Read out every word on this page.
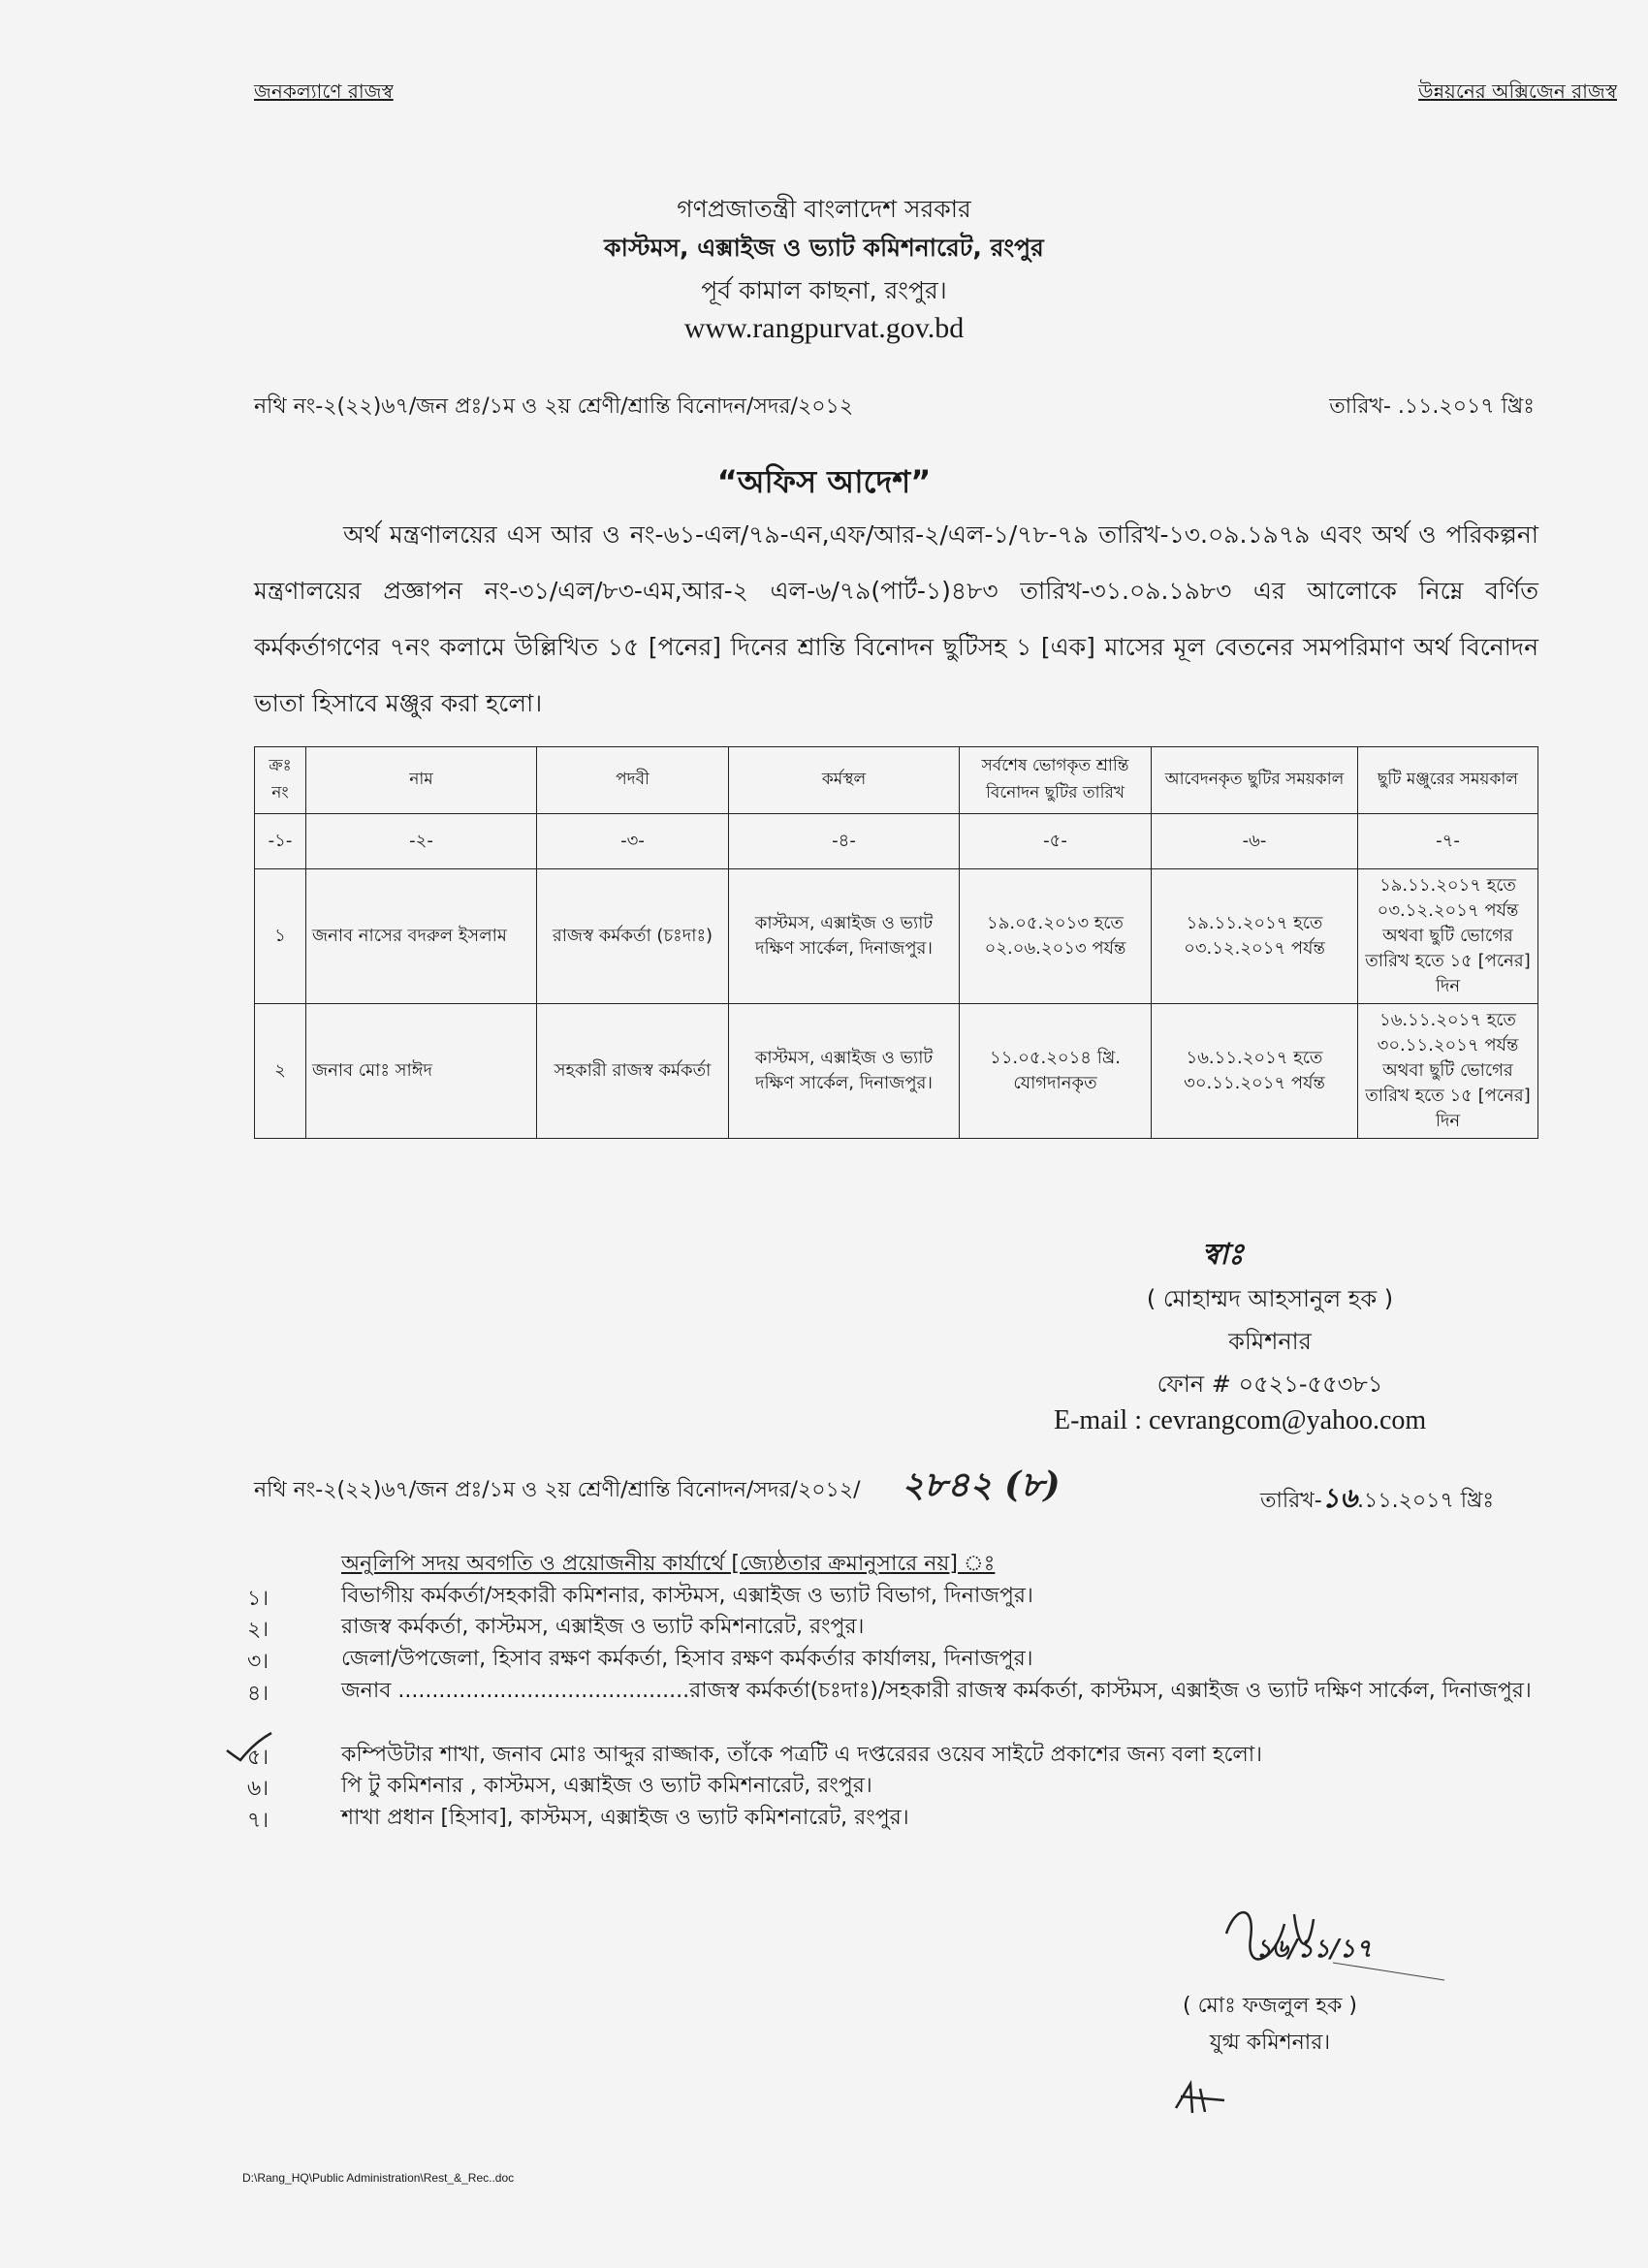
জনকল্যাণে রাজস্ব	উন্নয়নের অক্সিজেন রাজস্ব
গণপ্রজাতন্ত্রী বাংলাদেশ সরকার
কাস্টমস, এক্সাইজ ও ভ্যাট কমিশনারেট, রংপুর
পূর্ব কামাল কাছনা, রংপুর।
www.rangpurvat.gov.bd
নথি নং-২(২২)৬৭/জন প্রঃ/১ম ও ২য় শ্রেণী/শ্রান্তি বিনোদন/সদর/২০১২	তারিখ- .১১.২০১৭ খ্রিঃ
“অফিস আদেশ”
অর্থ মন্ত্রণালয়ের এস আর ও নং-৬১-এল/৭৯-এন,এফ/আর-২/এল-১/৭৮-৭৯ তারিখ-১৩.০৯.১৯৭৯ এবং অর্থ ও পরিকল্পনা মন্ত্রণালয়ের প্রজ্ঞাপন নং-৩১/এল/৮৩-এম,আর-২ এল-৬/৭৯(পার্ট-১)৪৮৩ তারিখ-৩১.০৯.১৯৮৩ এর আলোকে নিম্নে বর্ণিত কর্মকর্তাগণের ৭নং কলামে উল্লিখিত ১৫ [পনের] দিনের শ্রান্তি বিনোদন ছুটিসহ ১ [এক] মাসের মূল বেতনের সমপরিমাণ অর্থ বিনোদন ভাতা হিসাবে মঞ্জুর করা হলো।
ক্রঃ নং	নাম	পদবী	কর্মস্থল	সর্বশেষ ভোগকৃত শ্রান্তি বিনোদন ছুটির তারিখ	আবেদনকৃত ছুটির সময়কাল	ছুটি মঞ্জুরের সময়কাল
-১-	-২-	-৩-	-৪-	-৫-	-৬-	-৭-
১	জনাব নাসের বদরুল ইসলাম	রাজস্ব কর্মকর্তা (চঃদাঃ)	কাস্টমস, এক্সাইজ ও ভ্যাট দক্ষিণ সার্কেল, দিনাজপুর।	১৯.০৫.২০১৩ হতে ০২.০৬.২০১৩ পর্যন্ত	১৯.১১.২০১৭ হতে ০৩.১২.২০১৭ পর্যন্ত	১৯.১১.২০১৭ হতে ০৩.১২.২০১৭ পর্যন্ত অথবা ছুটি ভোগের তারিখ হতে ১৫ [পনের] দিন
২	জনাব মোঃ সাঈদ	সহকারী রাজস্ব কর্মকর্তা	কাস্টমস, এক্সাইজ ও ভ্যাট দক্ষিণ সার্কেল, দিনাজপুর।	১১.০৫.২০১৪ খ্রি. যোগদানকৃত	১৬.১১.২০১৭ হতে ৩০.১১.২০১৭ পর্যন্ত	১৬.১১.২০১৭ হতে ৩০.১১.২০১৭ পর্যন্ত অথবা ছুটি ভোগের তারিখ হতে ১৫ [পনের] দিন
স্বাঃ
( মোহাম্মদ আহসানুল হক )
কমিশনার
ফোন # ০৫২১-৫৫৩৮১
E-mail : cevrangcom@yahoo.com
নথি নং-২(২২)৬৭/জন প্রঃ/১ম ও ২য় শ্রেণী/শ্রান্তি বিনোদন/সদর/২০১২/ ২৮৪২ (৮)	তারিখ-১৬.১১.২০১৭ খ্রিঃ
অনুলিপি সদয় অবগতি ও প্রয়োজনীয় কার্যার্থে [জ্যেষ্ঠতার ক্রমানুসারে নয়] ঃ
১।	বিভাগীয় কর্মকর্তা/সহকারী কমিশনার, কাস্টমস, এক্সাইজ ও ভ্যাট বিভাগ, দিনাজপুর।
২।	রাজস্ব কর্মকর্তা, কাস্টমস, এক্সাইজ ও ভ্যাট কমিশনারেট, রংপুর।
৩।	জেলা/উপজেলা, হিসাব রক্ষণ কর্মকর্তা, হিসাব রক্ষণ কর্মকর্তার কার্যালয়, দিনাজপুর।
৪।	জনাব ...........................................রাজস্ব কর্মকর্তা(চঃদাঃ)/সহকারী রাজস্ব কর্মকর্তা, কাস্টমস, এক্সাইজ ও ভ্যাট দক্ষিণ সার্কেল, দিনাজপুর।
৫।	কম্পিউটার শাখা, জনাব মোঃ আব্দুর রাজ্জাক, তাঁকে পত্রটি এ দপ্তরেরর ওয়েব সাইটে প্রকাশের জন্য বলা হলো।
৬।	পি টু কমিশনার , কাস্টমস, এক্সাইজ ও ভ্যাট কমিশনারেট, রংপুর।
৭।	শাখা প্রধান [হিসাব], কাস্টমস, এক্সাইজ ও ভ্যাট কমিশনারেট, রংপুর।
১৬/১১/১৭
( মোঃ ফজলুল হক )
যুগ্ম কমিশনার।
D:\Rang_HQ\Public Administration\Rest_&_Rec..doc
